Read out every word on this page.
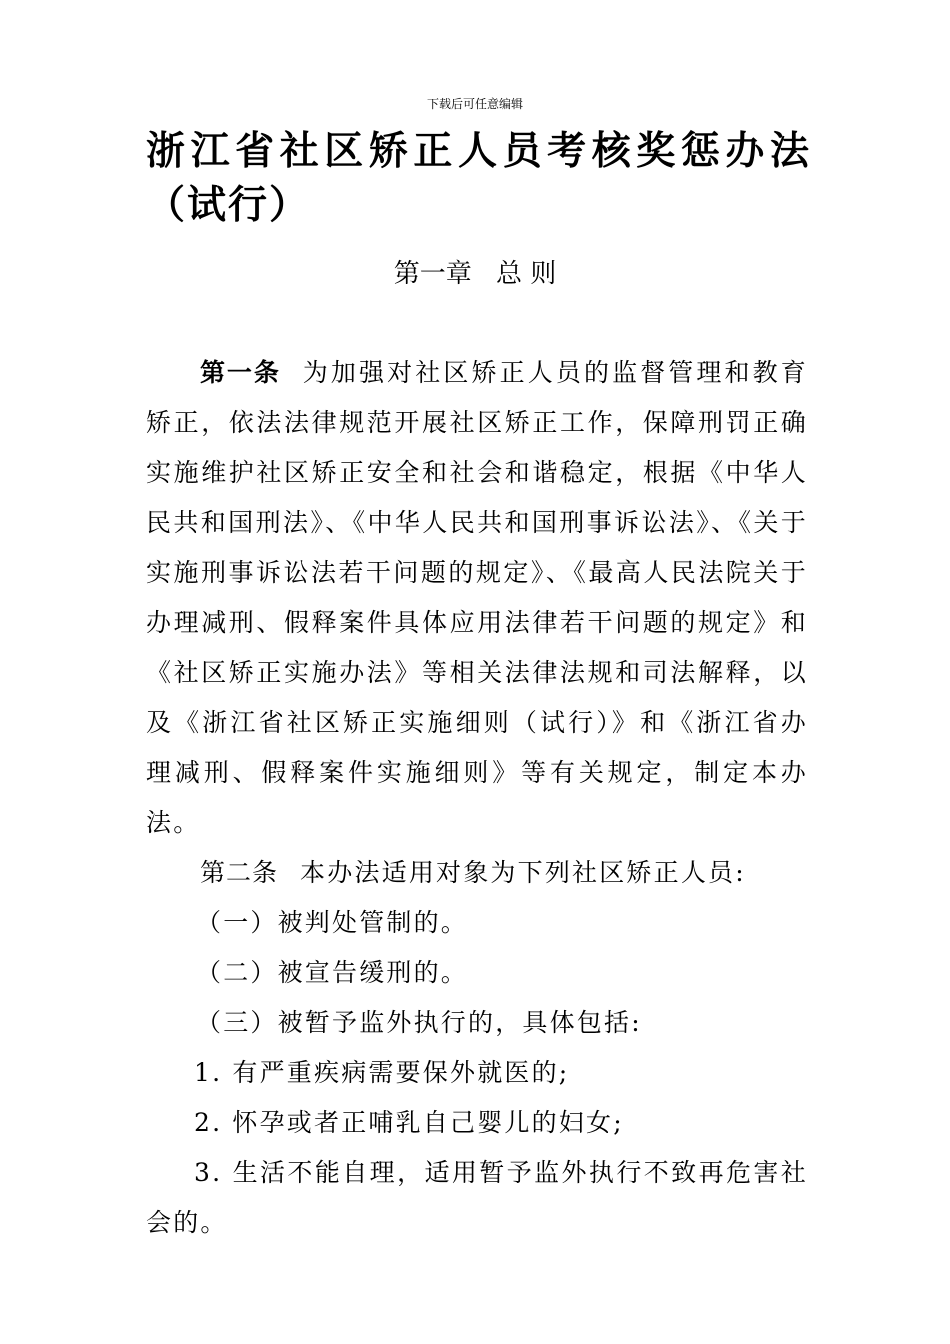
下载后可任意编辑
浙江省社区矫正人员考核奖惩办法（试行）
第一章 总 则

第一条 为加强对社区矫正人员的监督管理和教育矫正，依法法律规范开展社区矫正工作，保障刑罚正确实施维护社区矫正安全和社会和谐稳定，根据《中华人民共和国刑法》、《中华人民共和国刑事诉讼法》、《关于实施刑事诉讼法若干问题的规定》、《最高人民法院关于办理减刑、假释案件具体应用法律若干问题的规定》和《社区矫正实施办法》等相关法律法规和司法解释，以及《浙江省社区矫正实施细则（试行）》和《浙江省办理减刑、假释案件实施细则》等有关规定，制定本办法。

第二条 本办法适用对象为下列社区矫正人员:

（一）被判处管制的。

（二）被宣告缓刑的。

（三）被暂予监外执行的，具体包括:

1. 有严重疾病需要保外就医的;

2. 怀孕或者正哺乳自己婴儿的妇女;

3. 生活不能自理，适用暂予监外执行不致再危害社会的。
